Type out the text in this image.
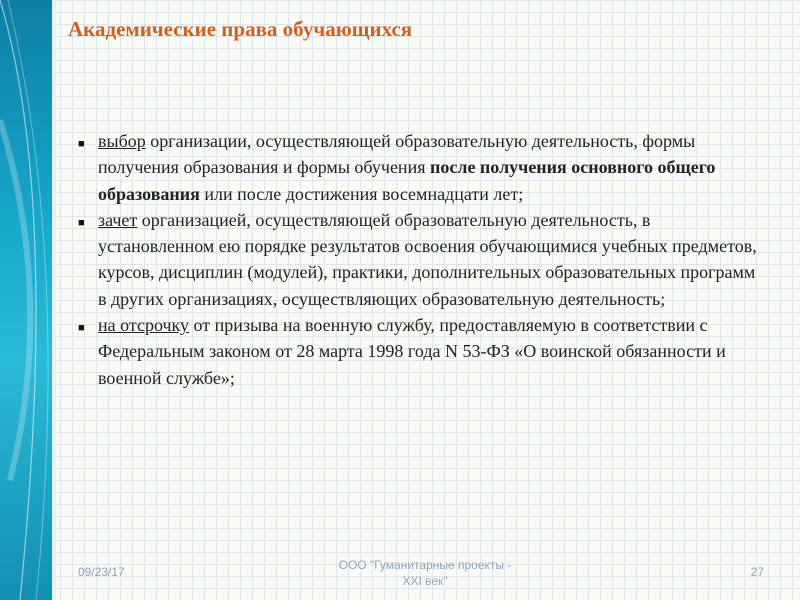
Академические права обучающихся

■ выбор организации, осуществляющей образовательную деятельность, формы получения образования и формы обучения после получения основного общего образования или после достижения восемнадцати лет;

■ зачет организацией, осуществляющей образовательную деятельность, в установленном ею порядке результатов освоения обучающимися учебных предметов, курсов, дисциплин (модулей), практики, дополнительных образовательных программ в других организациях, осуществляющих образовательную деятельность;

■ на отсрочку от призыва на военную службу, предоставляемую в соответствии с Федеральным законом от 28 марта 1998 года N 53-ФЗ «О воинской обязанности и военной службе»;

09/23/17	ООО "Гуманитарные проекты -
XXI век"
27
